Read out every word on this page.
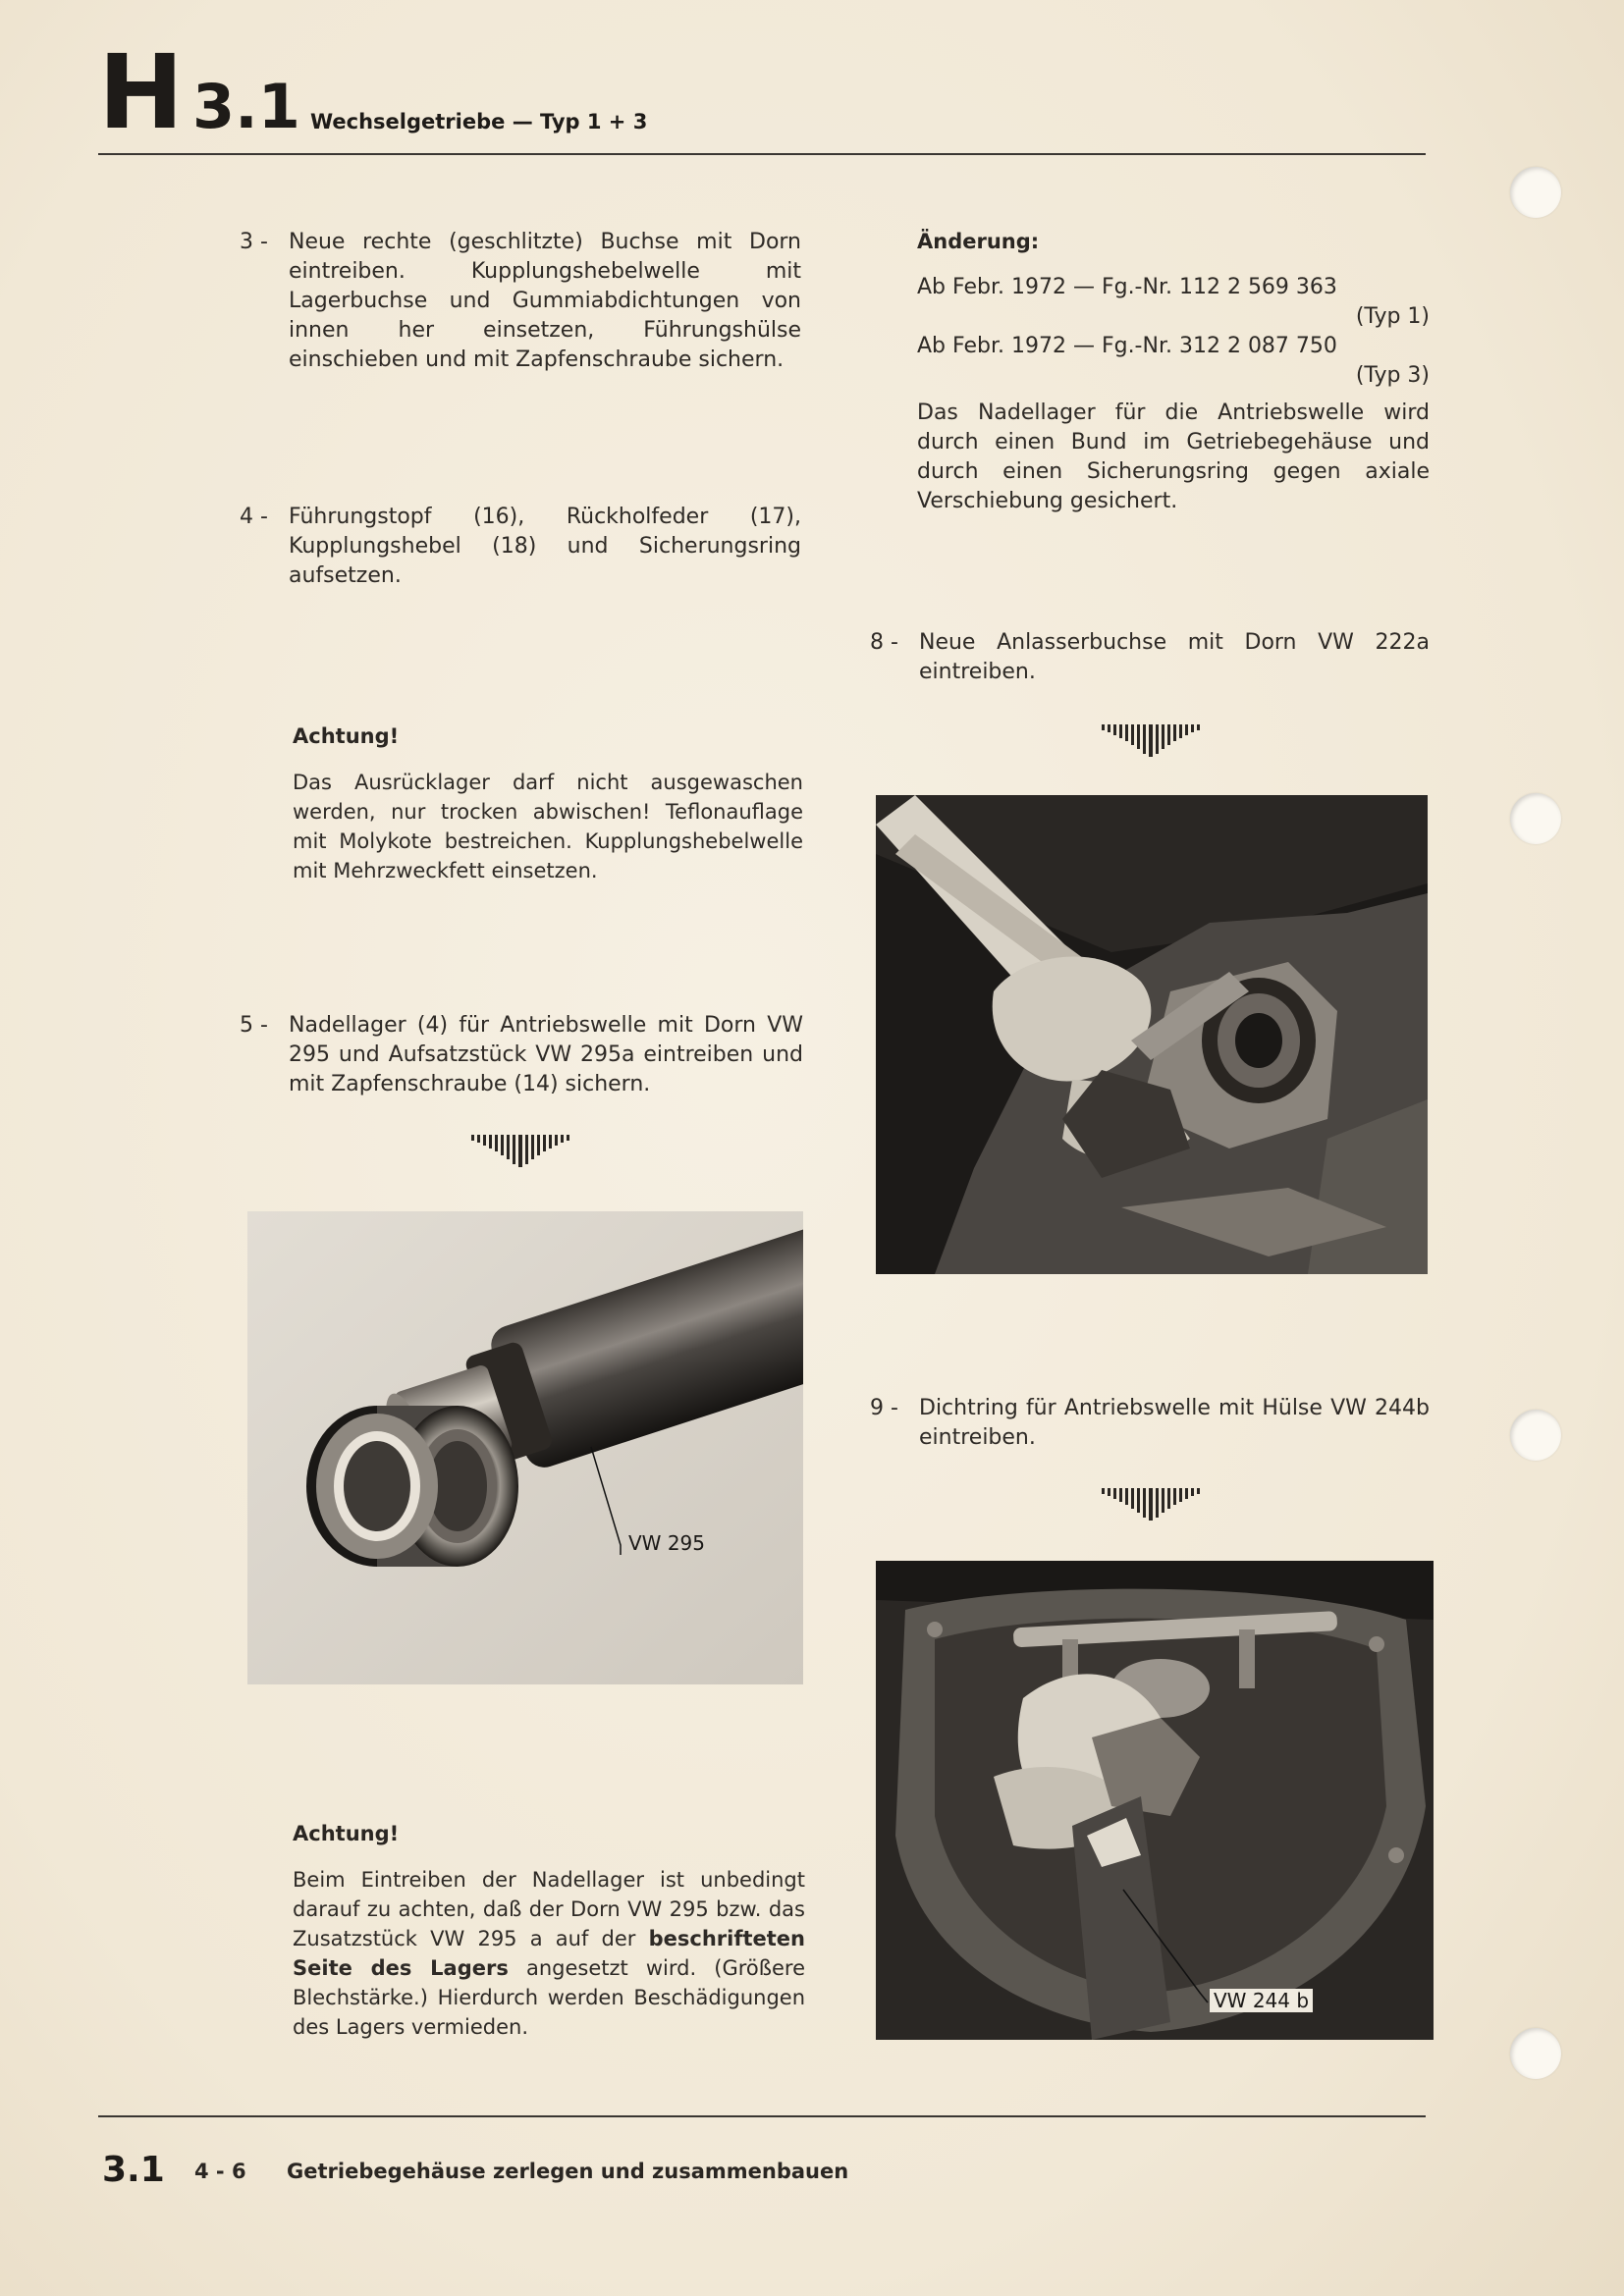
H 3.1 Wechselgetriebe — Typ 1 + 3
3 - Neue rechte (geschlitzte) Buchse mit Dorn eintreiben. Kupplungshebelwelle mit Lagerbuchse und Gummiabdichtungen von innen her einsetzen, Führungshülse einschieben und mit Zapfenschraube sichern.
4 - Führungstopf (16), Rückholfeder (17), Kupplungshebel (18) und Sicherungsring aufsetzen.
Achtung!
Das Ausrücklager darf nicht ausgewaschen werden, nur trocken abwischen! Teflonauflage mit Molykote bestreichen. Kupplungshebelwelle mit Mehrzweckfett einsetzen.
5 - Nadellager (4) für Antriebswelle mit Dorn VW 295 und Aufsatzstück VW 295a eintreiben und mit Zapfenschraube (14) sichern.
VW 295
Achtung!
Beim Eintreiben der Nadellager ist unbedingt darauf zu achten, daß der Dorn VW 295 bzw. das Zusatzstück VW 295 a auf der beschrifteten Seite des Lagers angesetzt wird. (Größere Blechstärke.) Hierdurch werden Beschädigungen des Lagers vermieden.
Änderung:
Ab Febr. 1972 — Fg.-Nr. 112 2 569 363
(Typ 1)
Ab Febr. 1972 — Fg.-Nr. 312 2 087 750
(Typ 3)
Das Nadellager für die Antriebswelle wird durch einen Bund im Getriebegehäuse und durch einen Sicherungsring gegen axiale Verschiebung gesichert.
8 - Neue Anlasserbuchse mit Dorn VW 222a eintreiben.
9 - Dichtring für Antriebswelle mit Hülse VW 244b eintreiben.
VW 244 b
3.1 4 - 6 Getriebegehäuse zerlegen und zusammenbauen
